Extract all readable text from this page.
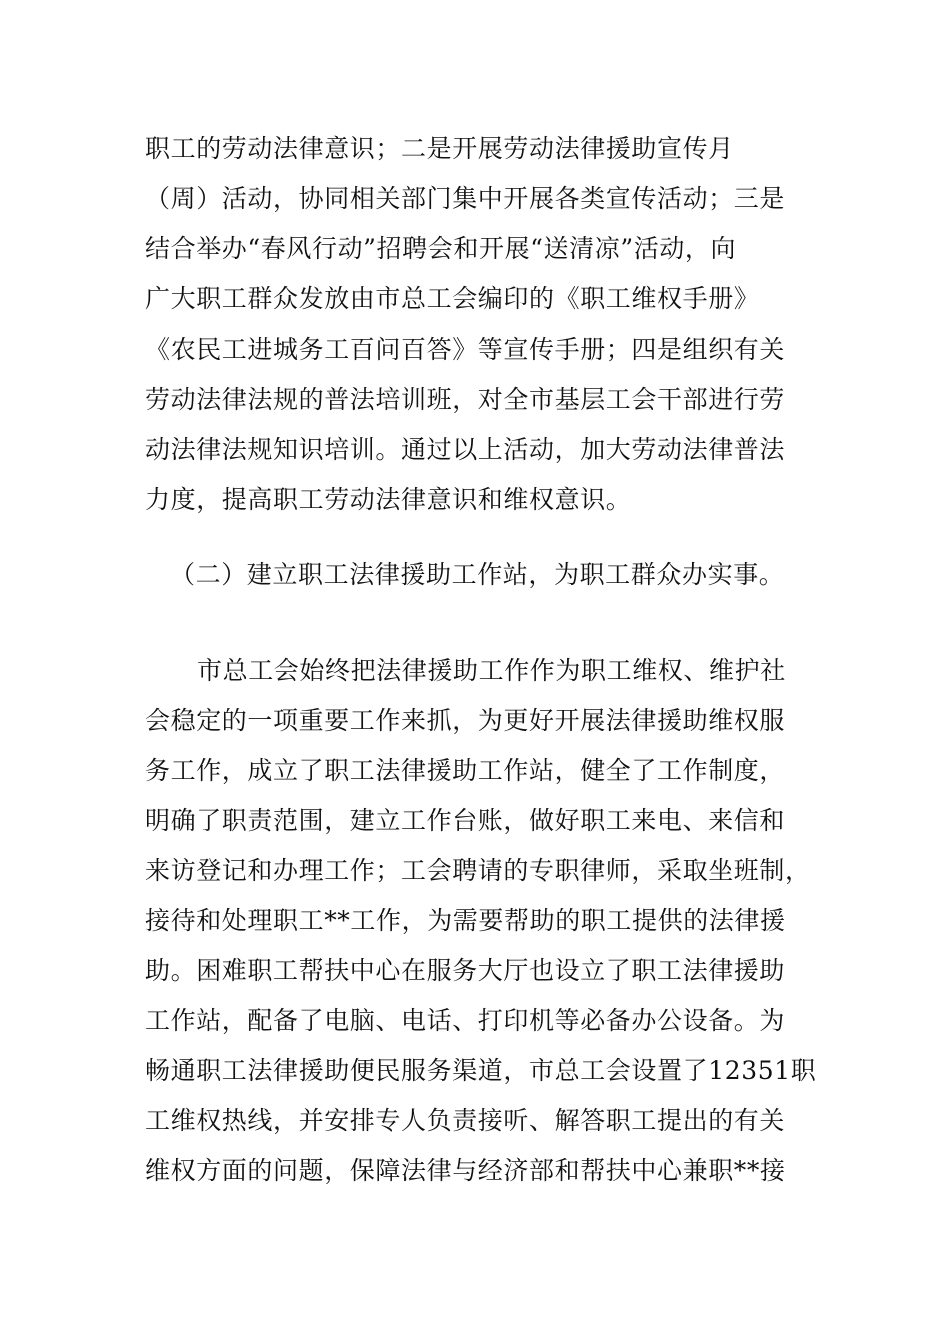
职工的劳动法律意识；二是开展劳动法律援助宣传月
（周）活动，协同相关部门集中开展各类宣传活动；三是
结合举办“春风行动”招聘会和开展“送清凉”活动，向
广大职工群众发放由市总工会编印的《职工维权手册》
《农民工进城务工百问百答》等宣传手册；四是组织有关
劳动法律法规的普法培训班，对全市基层工会干部进行劳
动法律法规知识培训。通过以上活动，加大劳动法律普法
力度，提高职工劳动法律意识和维权意识。
（二）建立职工法律援助工作站，为职工群众办实事。
市总工会始终把法律援助工作作为职工维权、维护社
会稳定的一项重要工作来抓，为更好开展法律援助维权服
务工作，成立了职工法律援助工作站，健全了工作制度，
明确了职责范围，建立工作台账，做好职工来电、来信和
来访登记和办理工作；工会聘请的专职律师，采取坐班制，
接待和处理职工**工作，为需要帮助的职工提供的法律援
助。困难职工帮扶中心在服务大厅也设立了职工法律援助
工作站，配备了电脑、电话、打印机等必备办公设备。为
畅通职工法律援助便民服务渠道，市总工会设置了12351职
工维权热线，并安排专人负责接听、解答职工提出的有关
维权方面的问题，保障法律与经济部和帮扶中心兼职**接
